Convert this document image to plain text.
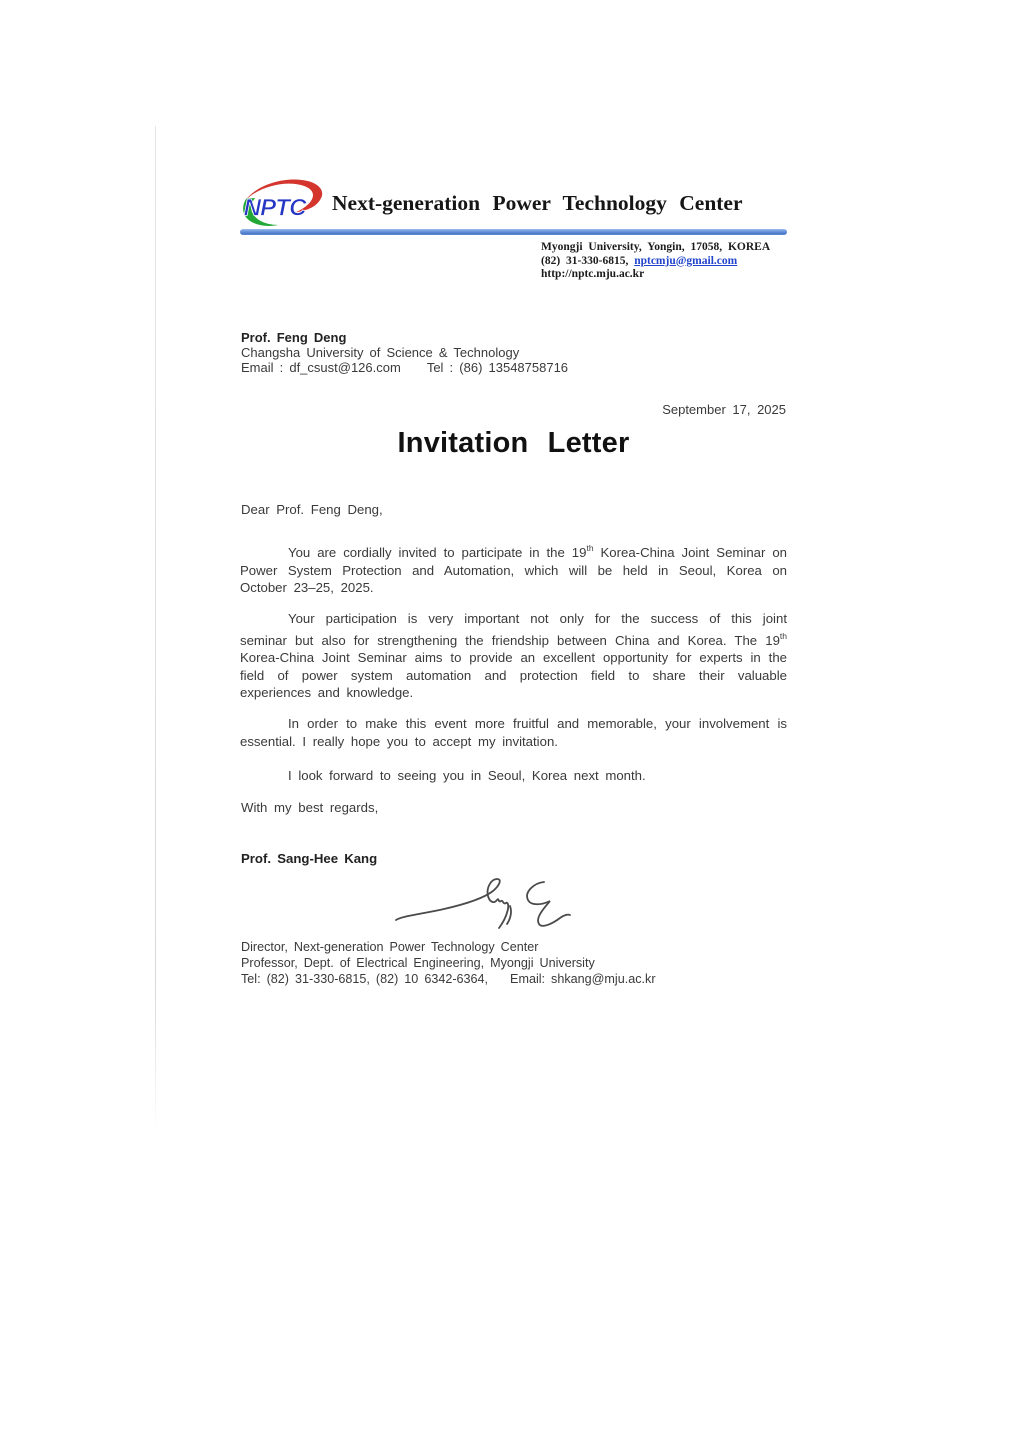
NPTC Next-generation Power Technology Center
Myongji University, Yongin, 17058, KOREA
(82) 31-330-6815, nptcmju@gmail.com
http://nptc.mju.ac.kr
Prof. Feng Deng
Changsha University of Science & Technology
Email : df_csust@126.com Tel : (86) 13548758716
September 17, 2025
Invitation Letter
Dear Prof. Feng Deng,

You are cordially invited to participate in the 19th Korea-China Joint Seminar on Power System Protection and Automation, which will be held in Seoul, Korea on October 23–25, 2025.

Your participation is very important not only for the success of this joint seminar but also for strengthening the friendship between China and Korea. The 19th Korea-China Joint Seminar aims to provide an excellent opportunity for experts in the field of power system automation and protection field to share their valuable experiences and knowledge.

In order to make this event more fruitful and memorable, your involvement is essential. I really hope you to accept my invitation.

I look forward to seeing you in Seoul, Korea next month.

With my best regards,
Prof. Sang-Hee Kang
Director, Next-generation Power Technology Center
Professor, Dept. of Electrical Engineering, Myongji University
Tel: (82) 31-330-6815, (82) 10 6342-6364, Email: shkang@mju.ac.kr
